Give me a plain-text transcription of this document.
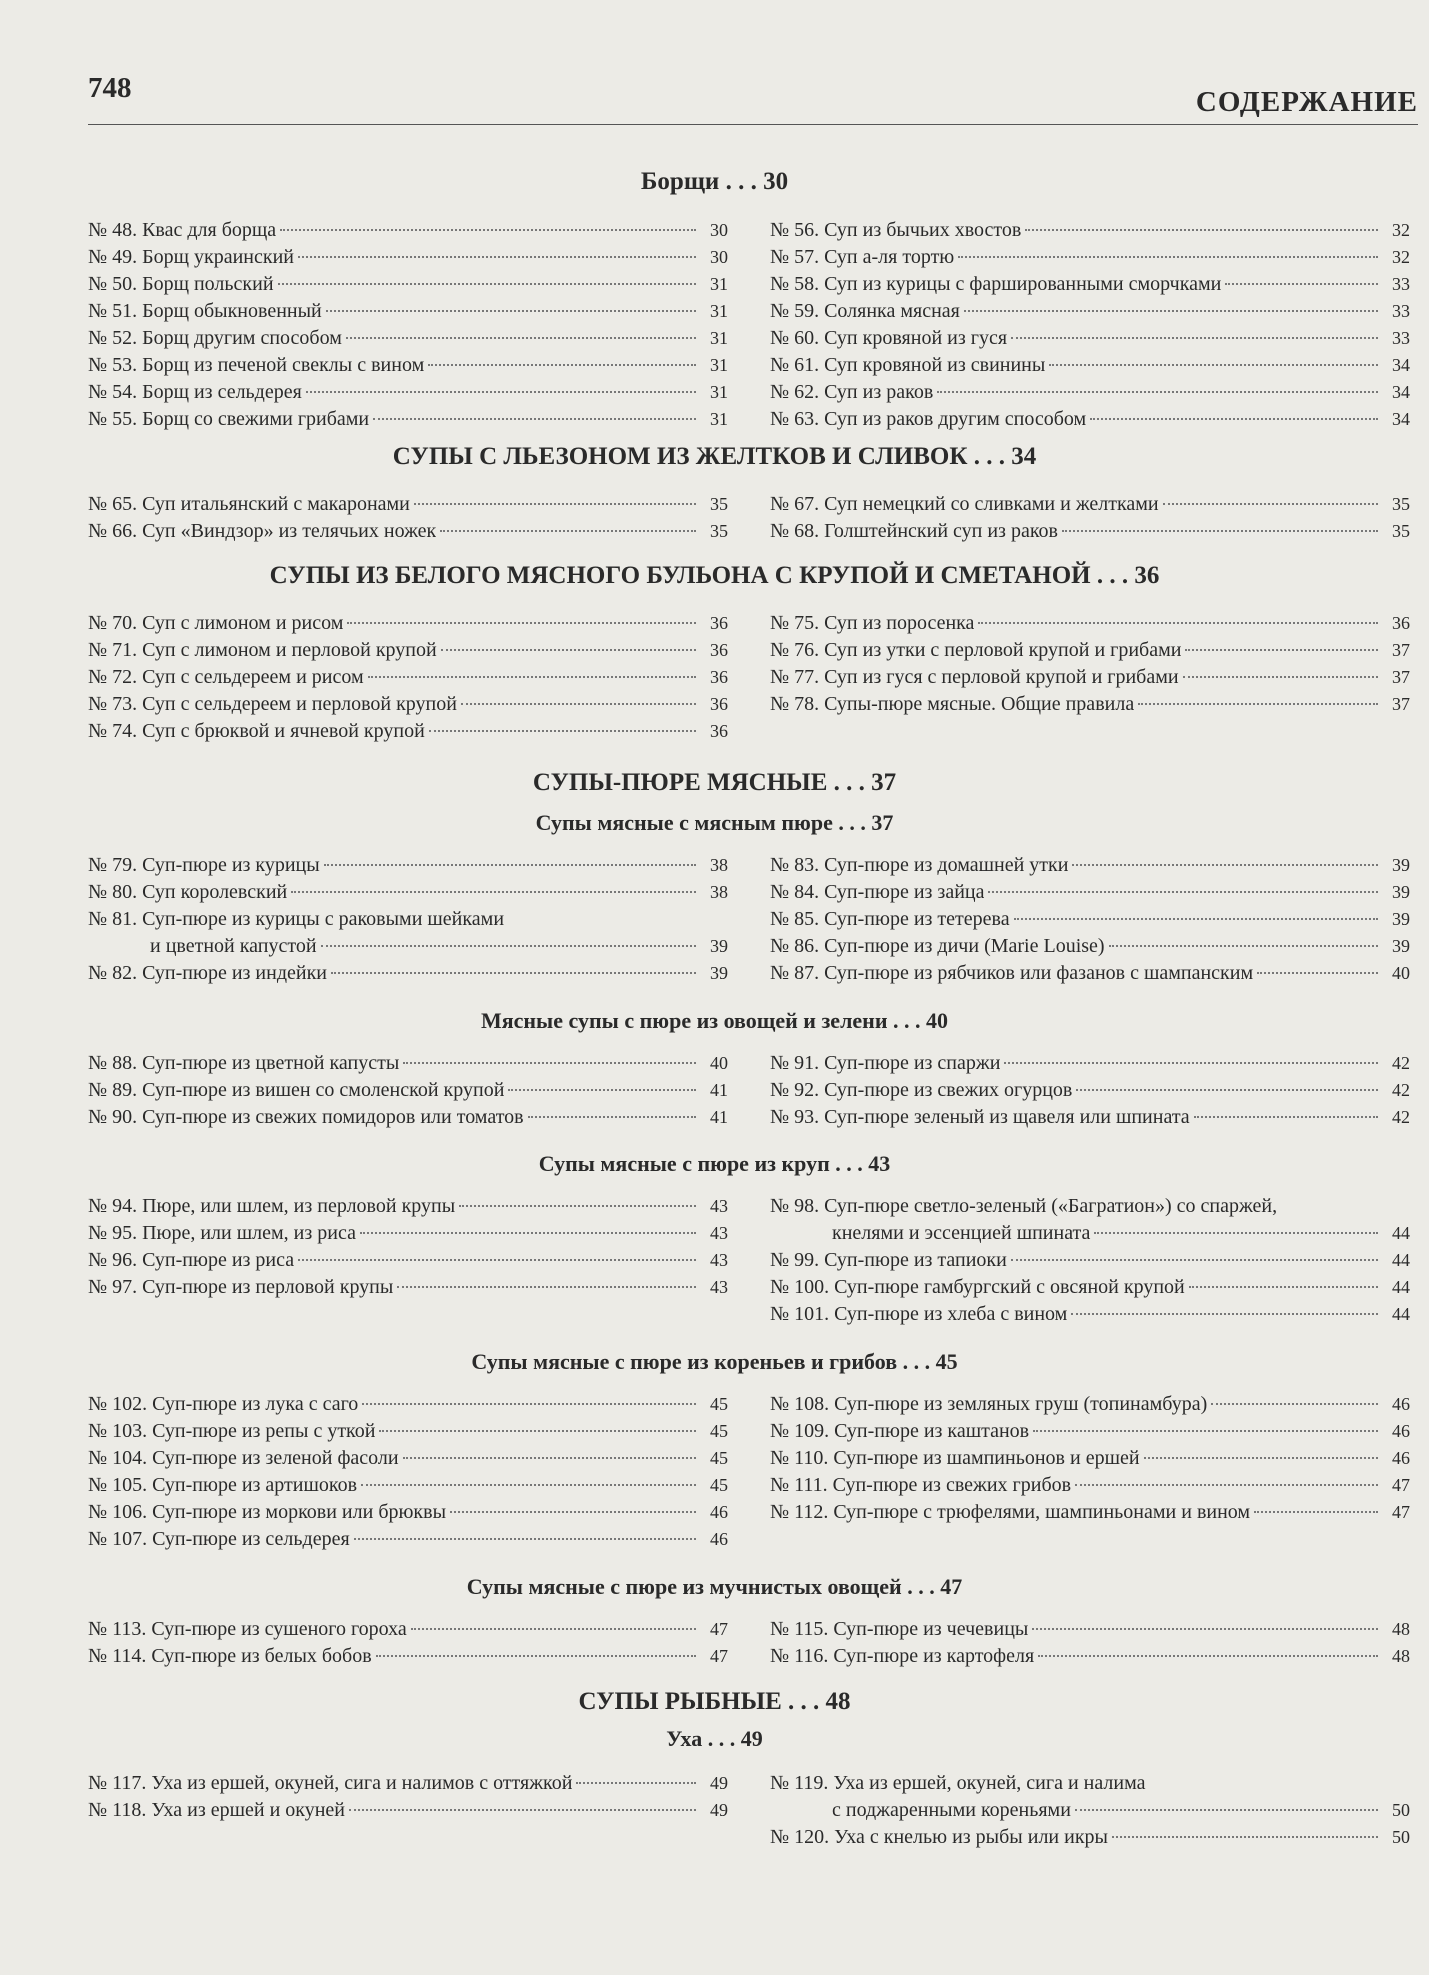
748	СОДЕРЖАНИЕ
Борщи . . . 30
№ 48. Квас для борща	30
№ 49. Борщ украинский	30
№ 50. Борщ польский	31
№ 51. Борщ обыкновенный	31
№ 52. Борщ другим способом	31
№ 53. Борщ из печеной свеклы с вином	31
№ 54. Борщ из сельдерея	31
№ 55. Борщ со свежими грибами	31
№ 56. Суп из бычьих хвостов	32
№ 57. Суп а-ля тортю	32
№ 58. Суп из курицы с фаршированными сморчками	33
№ 59. Солянка мясная	33
№ 60. Суп кровяной из гуся	33
№ 61. Суп кровяной из свинины	34
№ 62. Суп из раков	34
№ 63. Суп из раков другим способом	34
СУПЫ С ЛЬЕЗОНОМ ИЗ ЖЕЛТКОВ И СЛИВОК . . . 34
№ 65. Суп итальянский с макаронами	35
№ 66. Суп «Виндзор» из телячьих ножек	35
№ 67. Суп немецкий со сливками и желтками	35
№ 68. Голштейнский суп из раков	35
СУПЫ ИЗ БЕЛОГО МЯСНОГО БУЛЬОНА С КРУПОЙ И СМЕТАНОЙ . . . 36
№ 70. Суп с лимоном и рисом	36
№ 71. Суп с лимоном и перловой крупой	36
№ 72. Суп с сельдереем и рисом	36
№ 73. Суп с сельдереем и перловой крупой	36
№ 74. Суп с брюквой и ячневой крупой	36
№ 75. Суп из поросенка	36
№ 76. Суп из утки с перловой крупой и грибами	37
№ 77. Суп из гуся с перловой крупой и грибами	37
№ 78. Супы-пюре мясные. Общие правила	37
СУПЫ-ПЮРЕ МЯСНЫЕ . . . 37
Супы мясные с мясным пюре . . . 37
№ 79. Суп-пюре из курицы	38
№ 80. Суп королевский	38
№ 81. Суп-пюре из курицы с раковыми шейками
и цветной капустой	39
№ 82. Суп-пюре из индейки	39
№ 83. Суп-пюре из домашней утки	39
№ 84. Суп-пюре из зайца	39
№ 85. Суп-пюре из тетерева	39
№ 86. Суп-пюре из дичи (Marie Louise)	39
№ 87. Суп-пюре из рябчиков или фазанов с шампанским	40
Мясные супы с пюре из овощей и зелени . . . 40
№ 88. Суп-пюре из цветной капусты	40
№ 89. Суп-пюре из вишен со смоленской крупой	41
№ 90. Суп-пюре из свежих помидоров или томатов	41
№ 91. Суп-пюре из спаржи	42
№ 92. Суп-пюре из свежих огурцов	42
№ 93. Суп-пюре зеленый из щавеля или шпината	42
Супы мясные с пюре из круп . . . 43
№ 94. Пюре, или шлем, из перловой крупы	43
№ 95. Пюре, или шлем, из риса	43
№ 96. Суп-пюре из риса	43
№ 97. Суп-пюре из перловой крупы	43
№ 98. Суп-пюре светло-зеленый («Багратион») со спаржей,
кнелями и эссенцией шпината	44
№ 99. Суп-пюре из тапиоки	44
№ 100. Суп-пюре гамбургский с овсяной крупой	44
№ 101. Суп-пюре из хлеба с вином	44
Супы мясные с пюре из кореньев и грибов . . . 45
№ 102. Суп-пюре из лука с саго	45
№ 103. Суп-пюре из репы с уткой	45
№ 104. Суп-пюре из зеленой фасоли	45
№ 105. Суп-пюре из артишоков	45
№ 106. Суп-пюре из моркови или брюквы	46
№ 107. Суп-пюре из сельдерея	46
№ 108. Суп-пюре из земляных груш (топинамбура)	46
№ 109. Суп-пюре из каштанов	46
№ 110. Суп-пюре из шампиньонов и ершей	46
№ 111. Суп-пюре из свежих грибов	47
№ 112. Суп-пюре с трюфелями, шампиньонами и вином	47
Супы мясные с пюре из мучнистых овощей . . . 47
№ 113. Суп-пюре из сушеного гороха	47
№ 114. Суп-пюре из белых бобов	47
№ 115. Суп-пюре из чечевицы	48
№ 116. Суп-пюре из картофеля	48
СУПЫ РЫБНЫЕ . . . 48
Уха . . . 49
№ 117. Уха из ершей, окуней, сига и налимов с оттяжкой	49
№ 118. Уха из ершей и окуней	49
№ 119. Уха из ершей, окуней, сига и налима
с поджаренными кореньями	50
№ 120. Уха с кнелью из рыбы или икры	50
